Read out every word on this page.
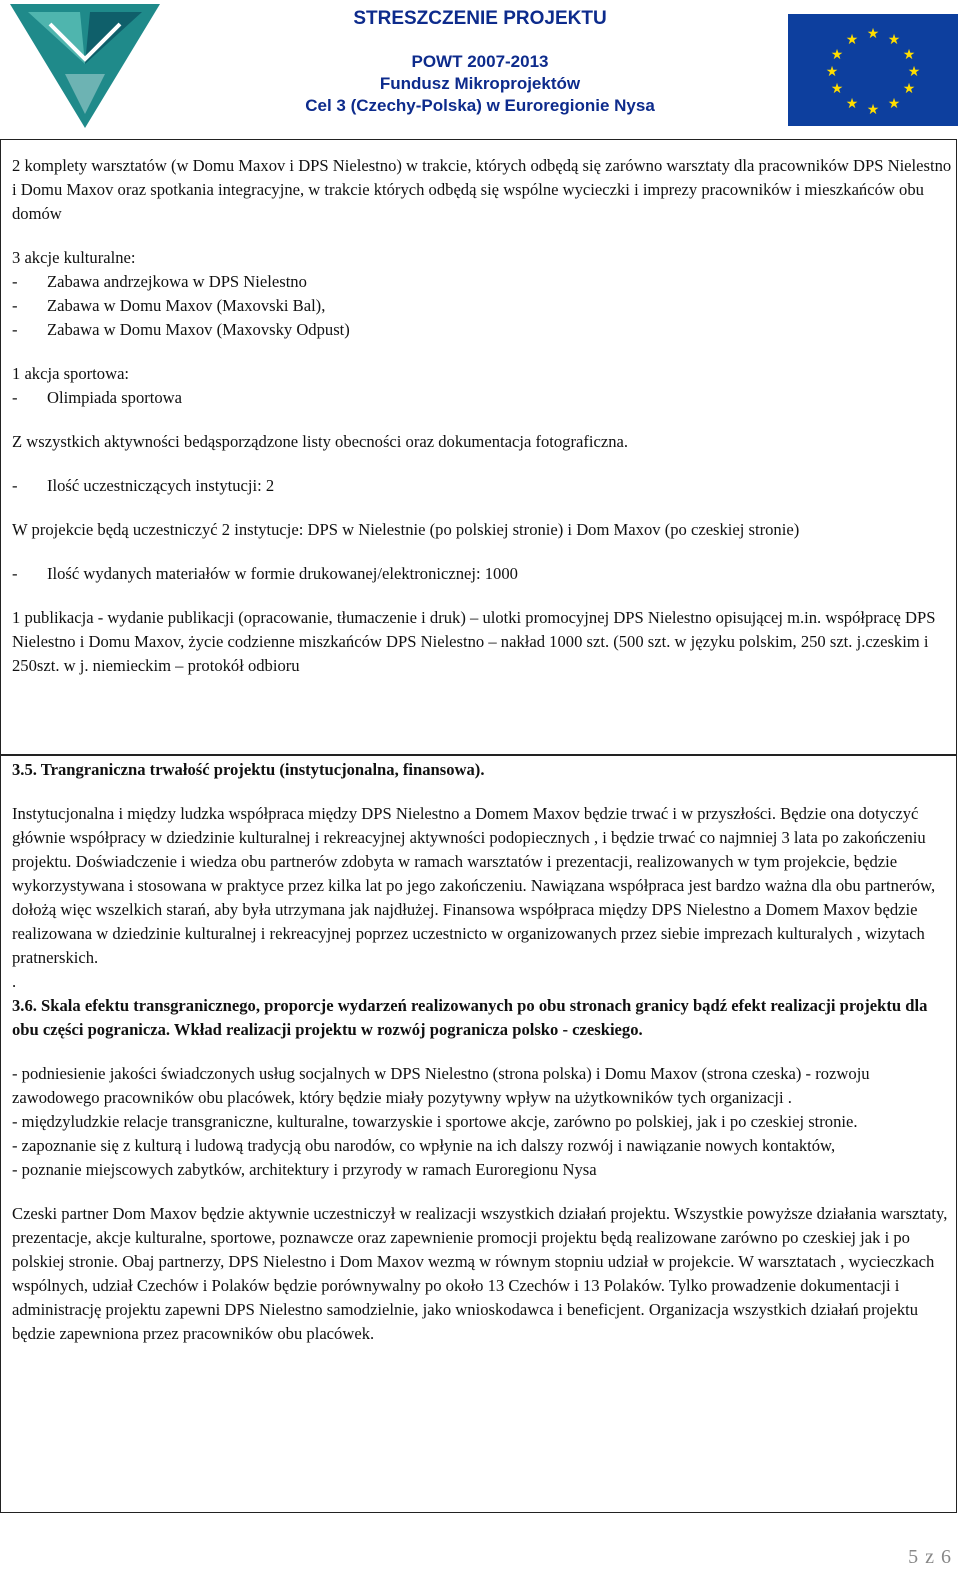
STRESZCZENIE PROJEKTU
POWT 2007-2013
Fundusz Mikroprojektów
Cel 3 (Czechy-Polska) w Euroregionie Nysa
★ ★
★
★
★
★
★
★
★
★
★
★

2 komplety warsztatów (w Domu Maxov i DPS Nielestno) w trakcie, których odbędą się zarówno warsztaty dla pracowników DPS Nielestno i Domu Maxov oraz spotkania integracyjne, w trakcie których odbędą się wspólne wycieczki i imprezy pracowników i mieszkańców obu domów

3 akcje kulturalne:

- Zabawa andrzejkowa w DPS Nielestno

- Zabawa w Domu Maxov (Maxovski Bal),

- Zabawa w Domu Maxov (Maxovsky Odpust)

1 akcja sportowa:

- Olimpiada sportowa

Z wszystkich aktywności bedąsporządzone listy obecności oraz dokumentacja fotograficzna.

- Ilość uczestniczących instytucji: 2

W projekcie będą uczestniczyć 2 instytucje: DPS w Nielestnie (po polskiej stronie) i Dom Maxov (po czeskiej stronie)

- Ilość wydanych materiałów w formie drukowanej/elektronicznej: 1000

1 publikacja - wydanie publikacji (opracowanie, tłumaczenie i druk) – ulotki promocyjnej DPS Nielestno opisującej m.in. współpracę DPS Nielestno i Domu Maxov, życie codzienne miszkańców DPS Nielestno – nakład 1000 szt. (500 szt. w języku polskim, 250 szt. j.czeskim i 250szt. w j. niemieckim – protokół odbioru

3.5. Trangraniczna trwałość projektu (instytucjonalna, finansowa).

Instytucjonalna i między ludzka współpraca między DPS Nielestno a Domem Maxov będzie trwać i w przyszłości. Będzie ona dotyczyć głównie współpracy w dziedzinie kulturalnej i rekreacyjnej aktywności podopiecznych , i będzie trwać co najmniej 3 lata po zakończeniu projektu. Doświadczenie i wiedza obu partnerów zdobyta w ramach warsztatów i prezentacji, realizowanych w tym projekcie, będzie wykorzystywana i stosowana w praktyce przez kilka lat po jego zakończeniu. Nawiązana współpraca jest bardzo ważna dla obu partnerów, dołożą więc wszelkich starań, aby była utrzymana jak najdłużej. Finansowa współpraca między DPS Nielestno a Domem Maxov będzie realizowana w dziedzinie kulturalnej i rekreacyjnej poprzez uczestnicto w organizowanych przez siebie imprezach kulturalych , wizytach pratnerskich.

.

3.6. Skala efektu transgranicznego, proporcje wydarzeń realizowanych po obu stronach granicy bądź efekt realizacji projektu dla obu części pogranicza. Wkład realizacji projektu w rozwój pogranicza polsko - czeskiego.

- podniesienie jakości świadczonych usług socjalnych w DPS Nielestno (strona polska) i Domu Maxov (strona czeska) - rozwoju zawodowego pracowników obu placówek, który będzie miały pozytywny wpływ na użytkowników tych organizacji .

- międzyludzkie relacje transgraniczne, kulturalne, towarzyskie i sportowe akcje, zarówno po polskiej, jak i po czeskiej stronie.

- zapoznanie się z kulturą i ludową tradycją obu narodów, co wpłynie na ich dalszy rozwój i nawiązanie nowych kontaktów,

- poznanie miejscowych zabytków, architektury i przyrody w ramach Euroregionu Nysa

Czeski partner Dom Maxov będzie aktywnie uczestniczył w realizacji wszystkich działań projektu. Wszystkie powyższe działania warsztaty, prezentacje, akcje kulturalne, sportowe, poznawcze oraz zapewnienie promocji projektu będą realizowane zarówno po czeskiej jak i po polskiej stronie. Obaj partnerzy, DPS Nielestno i Dom Maxov wezmą w równym stopniu udział w projekcie. W warsztatach , wycieczkach wspólnych, udział Czechów i Polaków będzie porównywalny po około 13 Czechów i 13 Polaków. Tylko prowadzenie dokumentacji i administrację projektu zapewni DPS Nielestno samodzielnie, jako wnioskodawca i beneficjent. Organizacja wszystkich działań projektu będzie zapewniona przez pracowników obu placówek.

5 z 6
